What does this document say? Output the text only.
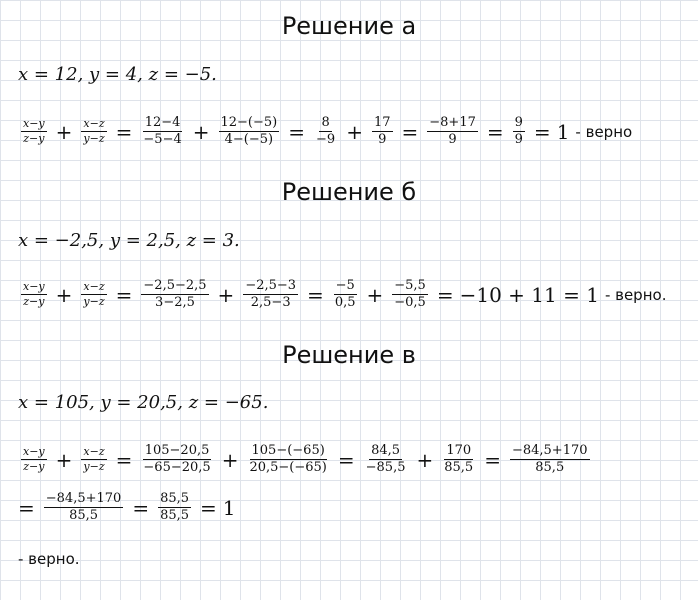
Решение а
x = 12, y = 4, z = −5.
$\frac{x-y}{z-y} + \frac{x-z}{y-z} = \frac{12-4}{-5-4} + \frac{12-(-5)}{4-(-5)} = \frac{8}{-9} + \frac{17}{9} = \frac{-8+17}{9} = \frac{9}{9} = 1$ - верно
Решение б
x = −2,5, y = 2,5, z = 3.
$\frac{x-y}{z-y} + \frac{x-z}{y-z} = \frac{-2,5-2,5}{3-2,5} + \frac{-2,5-3}{2,5-3} = \frac{-5}{0,5} + \frac{-5,5}{-0,5} = -10 + 11 = 1$ - верно.
Решение в
x = 105, y = 20,5, z = −65.
$\frac{x-y}{z-y} + \frac{x-z}{y-z} = \frac{105-20,5}{-65-20,5} + \frac{105-(-65)}{20,5-(-65)} = \frac{84,5}{-85,5} + \frac{170}{85,5} = \frac{-84,5+170}{85,5}$
= $\frac{-84,5+170}{85,5} = \frac{85,5}{85,5} = 1$
- верно.
